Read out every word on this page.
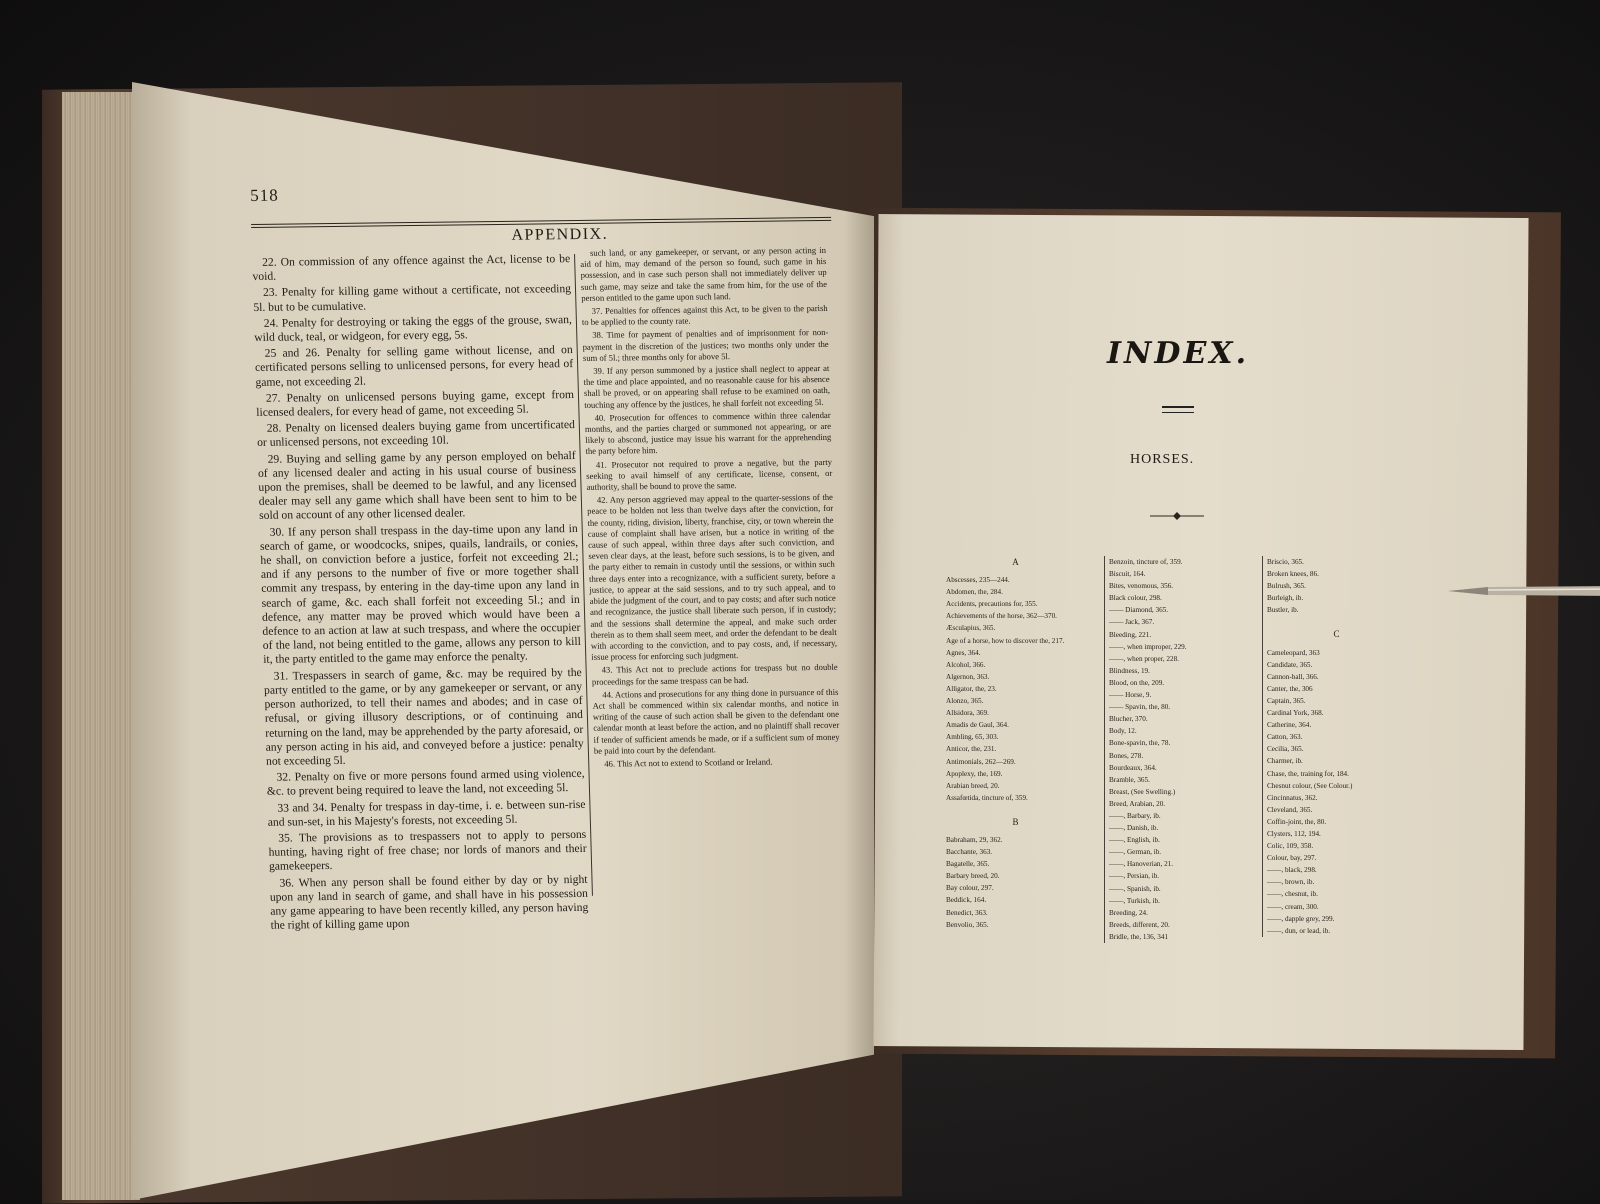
518
APPENDIX.

22. On commission of any offence against the Act, license to be void.

23. Penalty for killing game without a certificate, not exceeding 5l. but to be cumulative.

24. Penalty for destroying or taking the eggs of the grouse, swan, wild duck, teal, or widgeon, for every egg, 5s.

25 and 26. Penalty for selling game without license, and on certificated persons selling to unlicensed persons, for every head of game, not exceeding 2l.

27. Penalty on unlicensed persons buying game, except from licensed dealers, for every head of game, not exceeding 5l.

28. Penalty on licensed dealers buying game from uncertificated or unlicensed persons, not exceeding 10l.

29. Buying and selling game by any person employed on behalf of any licensed dealer and acting in his usual course of business upon the premises, shall be deemed to be lawful, and any licensed dealer may sell any game which shall have been sent to him to be sold on account of any other licensed dealer.

30. If any person shall trespass in the day-time upon any land in search of game, or woodcocks, snipes, quails, landrails, or conies, he shall, on conviction before a justice, forfeit not exceeding 2l.; and if any persons to the number of five or more together shall commit any trespass, by entering in the day-time upon any land in search of game, &c. each shall forfeit not exceeding 5l.; and in defence, any matter may be proved which would have been a defence to an action at law at such trespass, and where the occupier of the land, not being entitled to the game, allows any person to kill it, the party entitled to the game may enforce the penalty.

31. Trespassers in search of game, &c. may be required by the party entitled to the game, or by any gamekeeper or servant, or any person authorized, to tell their names and abodes; and in case of refusal, or giving illusory descriptions, or of continuing and returning on the land, may be apprehended by the party aforesaid, or any person acting in his aid, and conveyed before a justice: penalty not exceeding 5l.

32. Penalty on five or more persons found armed using violence, &c. to prevent being required to leave the land, not exceeding 5l.

33 and 34. Penalty for trespass in day-time, i. e. between sun-rise and sun-set, in his Majesty's forests, not exceeding 5l.

35. The provisions as to trespassers not to apply to persons hunting, having right of free chase; nor lords of manors and their gamekeepers.

36. When any person shall be found either by day or by night upon any land in search of game, and shall have in his possession any game appearing to have been recently killed, any person having the right of killing game upon

such land, or any gamekeeper, or servant, or any person acting in aid of him, may demand of the person so found, such game in his possession, and in case such person shall not immediately deliver up such game, may seize and take the same from him, for the use of the person entitled to the game upon such land.

37. Penalties for offences against this Act, to be given to the parish to be applied to the county rate.

38. Time for payment of penalties and of imprisonment for non-payment in the discretion of the justices; two months only under the sum of 5l.; three months only for above 5l.

39. If any person summoned by a justice shall neglect to appear at the time and place appointed, and no reasonable cause for his absence shall be proved, or on appearing shall refuse to be examined on oath, touching any offence by the justices, he shall forfeit not exceeding 5l.

40. Prosecution for offences to commence within three calendar months, and the parties charged or summoned not appearing, or are likely to abscond, justice may issue his warrant for the apprehending the party before him.

41. Prosecutor not required to prove a negative, but the party seeking to avail himself of any certificate, license, consent, or authority, shall be bound to prove the same.

42. Any person aggrieved may appeal to the quarter-sessions of the peace to be holden not less than twelve days after the conviction, for the county, riding, division, liberty, franchise, city, or town wherein the cause of complaint shall have arisen, but a notice in writing of the cause of such appeal, within three days after such conviction, and seven clear days, at the least, before such sessions, is to be given, and the party either to remain in custody until the sessions, or within such three days enter into a recognizance, with a sufficient surety, before a justice, to appear at the said sessions, and to try such appeal, and to abide the judgment of the court, and to pay costs; and after such notice and recognizance, the justice shall liberate such person, if in custody; and the sessions shall determine the appeal, and make such order therein as to them shall seem meet, and order the defendant to be dealt with according to the conviction, and to pay costs, and, if necessary, issue process for enforcing such judgment.

43. This Act not to preclude actions for trespass but no double proceedings for the same trespass can be had.

44. Actions and prosecutions for any thing done in pursuance of this Act shall be commenced within six calendar months, and notice in writing of the cause of such action shall be given to the defendant one calendar month at least before the action, and no plaintiff shall recover if tender of sufficient amends be made, or if a sufficient sum of money be paid into court by the defendant.

46. This Act not to extend to Scotland or Ireland.

INDEX.
HORSES.
A
Abscesses, 235—244.
Abdomen, the, 284.
Accidents, precautions for, 355.
Achievements of the horse, 362—370.
Æsculapius, 365.
Age of a horse, how to discover the, 217.
Agnes, 364.
Alcohol, 366.
Algernon, 363.
Alligator, the, 23.
Alonzo, 365.
Allsidora, 369.
Amadis de Gaul, 364.
Ambling, 65, 303.
Anticor, the, 231.
Antimonials, 262—269.
Apoplexy, the, 169.
Arabian breed, 20.
Assafœtida, tincture of, 359.
B
Babraham, 29, 362.
Bacchante, 363.
Bagatelle, 365.
Barbary breed, 20.
Bay colour, 297.
Beddick, 164.
Benedict, 363.
Benvolio, 365.
Benzoin, tincture of, 359.
Biscuit, 164.
Bites, venomous, 356.
Black colour, 298.
—— Diamond, 365.
—— Jack, 367.
Bleeding, 221.
——, when improper, 229.
——, when proper, 228.
Blindness, 19.
Blood, on the, 209.
—— Horse, 9.
—— Spavin, the, 80.
Blucher, 370.
Body, 12.
Bone-spavin, the, 78.
Bones, 278.
Bourdeaux, 364.
Bramble, 365.
Breast, (See Swelling.)
Breed, Arabian, 20.
——, Barbary, ib.
——, Danish, ib.
——, English, ib.
——, German, ib.
——, Hanoverian, 21.
——, Persian, ib.
——, Spanish, ib.
——, Turkish, ib.
Breeding, 24.
Breeds, different, 20.
Bridle, the, 136, 341
Briscio, 365.
Broken knees, 86.
Bulrush, 365.
Burleigh, ib.
Bustler, ib.
C
Cameleopard, 363
Candidate, 365.
Cannon-ball, 366.
Canter, the, 306
Captain, 365.
Cardinal York, 368.
Catherine, 364.
Catton, 363.
Cecilia, 365.
Charmer, ib.
Chase, the, training for, 184.
Chesnut colour, (See Colour.)
Cincinnatus, 362.
Cleveland, 365.
Coffin-joint, the, 80.
Clysters, 112, 194.
Colic, 109, 358.
Colour, bay, 297.
——, black, 298.
——, brown, ib.
——, chesnut, ib.
——, cream, 300.
——, dapple grey, 299.
——, dun, or lead, ib.
